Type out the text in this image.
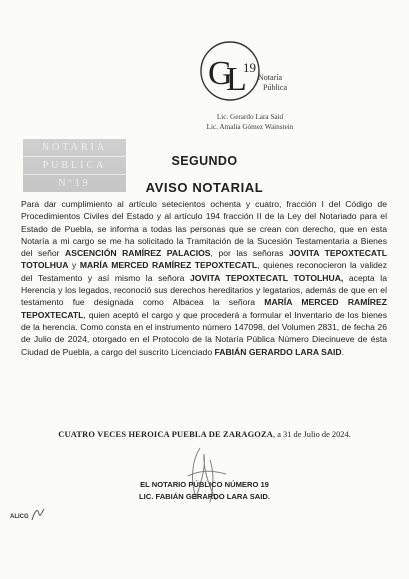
G
L
19
Notaría
Pública
Lic. Gerardo Lara Said
Lic. Amalia Gómez Wainstein
NOTARIA
PUBLICA
Nº19
SEGUNDO
AVISO NOTARIAL
Para dar cumplimiento al artículo setecientos ochenta y cuatro, fracción I del Código de Procedimientos Civiles del Estado y al artículo 194 fracción II de la Ley del Notariado para el Estado de Puebla, se informa a todas las personas que se crean con derecho, que en esta Notaría a mi cargo se me ha solicitado la Tramitación de la Sucesión Testamentaria a Bienes del señor ASCENCIÓN RAMÍREZ PALACIOS, por las señoras JOVITA TEPOXTECATL TOTOLHUA y MARÍA MERCED RAMÍREZ TEPOXTECATL, quienes reconocieron la validez del Testamento y así mismo la señora JOVITA TEPOXTECATL TOTOLHUA, acepta la Herencia y los legados, reconoció sus derechos hereditarios y legatarios, además de que en el testamento fue designada como Albacea la señora MARÍA MERCED RAMÍREZ TEPOXTECATL, quien aceptó el cargo y que procederá a formular el Inventario de los bienes de la herencia. Como consta en el instrumento número 147098, del Volumen 2831, de fecha 26 de Julio de 2024, otorgado en el Protocolo de la Notaría Pública Número Diecinueve de ésta Ciudad de Puebla, a cargo del suscrito Licenciado FABIÁN GERARDO LARA SAID.
CUATRO VECES HEROICA PUEBLA DE ZARAGOZA, a 31 de Julio de 2024.
EL NOTARIO PÚBLICO NÚMERO 19
LIC. FABIÁN GERARDO LARA SAID.
ALICG
